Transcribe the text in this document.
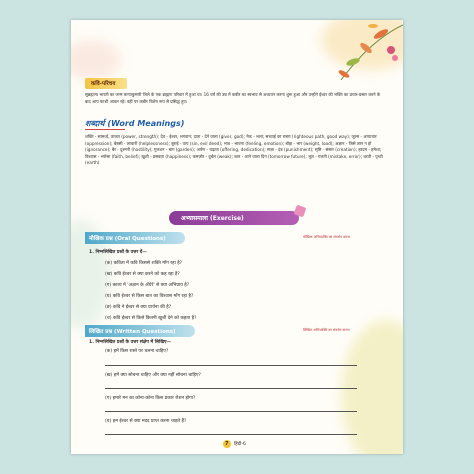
कवि-परिचय
सुब्रह्मण्य भारती का जन्म कन्याकुमारी जिले के एक ब्राह्मण परिवार में हुआ था। 16 वर्ष की उम्र में कबीर का स्वभाव से अध्ययन करना शुरू हुआ और उन्होंने ईश्वर की भक्ति का प्रचार-प्रसार करने के बाद आप काशी आकर रहे। वहीं पर कबीर विशेष रूप से प्रसिद्ध हुए।
शब्दार्थ (Word Meanings)
शक्ति - सामर्थ्य, ताकत (power, strength); देव - ईश्वर, भगवान; दाता - देने वाला (giver, god); नेक - भला; सच्चाई का रास्ता (righteous path, good way); जुल्म - अत्याचार (oppression); बेबसी - लाचारी (helplessness); बुराई - पाप (sin, evil deed); भाव - भावना (feeling, emotion); बोझ - भार (weight, load); अज्ञान - जिसे ज्ञान न हो (ignorance); बैर - दुश्मनी (hostility); गुलशन - बाग (garden); अर्पण - चढ़ावा (offering, dedication); सज़ा - दंड (punishment); सृष्टि - संसार (creation); हरदम - हमेशा; विश्वास - भरोसा (faith, belief); ख़ुशी - प्रसन्नता (happiness); कमज़ोर - दुर्बल (weak); कल - आने वाला दिन (tomorrow future); भूल - गलती (mistake, error); धरती - पृथ्वी (earth)
अभ्यासमाला (Exercise)
मौखिक प्रश्न (Oral Questions)	मौखिक अभिव्यक्ति का संवर्धन करना
1. निम्नलिखित प्रश्नों के उत्तर दें—
(क) कविता में कवि किससे शक्ति माँग रहा है?
(ख) कवि ईश्वर से क्या करने को कह रहा है?
(ग) काव्य में 'अज्ञान के अँधेरे' से क्या अभिप्राय है?
(घ) कवि ईश्वर से किस बात का विश्वास माँग रहा है?
(ङ) कवि ने ईश्वर से क्या प्रार्थना की है?
(च) कवि ईश्वर से किसे कितनी खुशी देने को कहता है?
लिखित प्रश्न (Written Questions)	लिखित अभिव्यक्ति का संवर्धन करना
1. निम्नलिखित प्रश्नों के उत्तर संक्षेप में लिखिए—
(क) हमें किस रास्ते पर चलना चाहिए?
(ख) हमें क्या सोचना चाहिए और क्या नहीं सोचना चाहिए?
(ग) हमारे मन का कोना-कोना किस प्रकार रोशन होगा?
(घ) हम ईश्वर से क्या मदद प्राप्त करना चाहते हैं?
7 हिंदी-6
